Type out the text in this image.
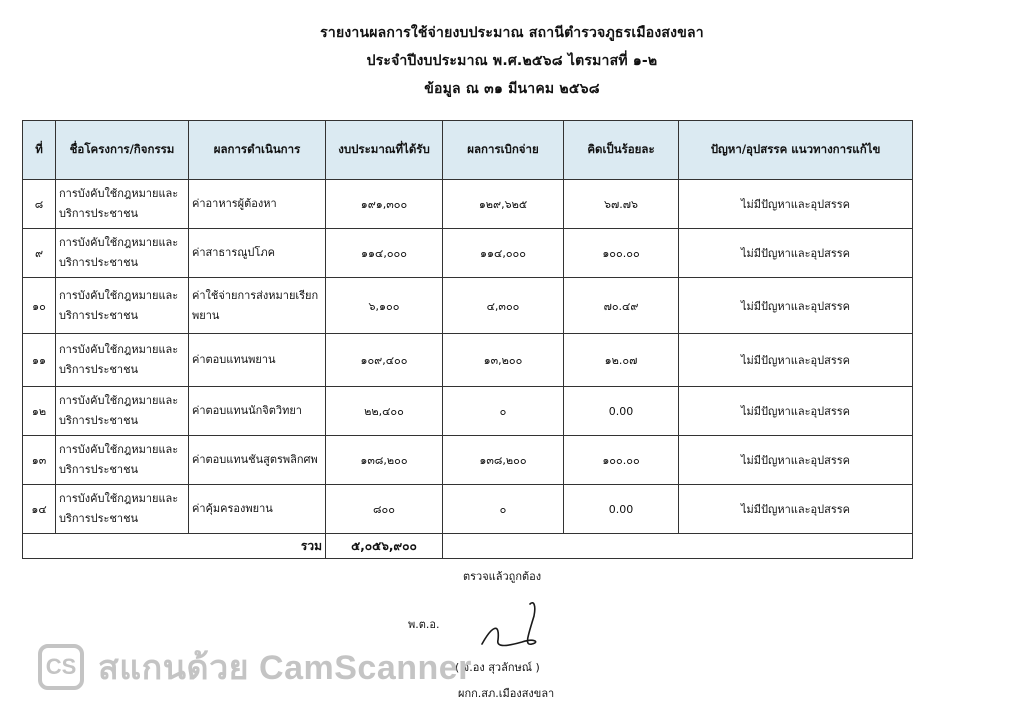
รายงานผลการใช้จ่ายงบประมาณ สถานีตำรวจภูธรเมืองสงขลา
ประจำปีงบประมาณ พ.ศ.๒๕๖๘ ไตรมาสที่ ๑-๒
ข้อมูล ณ ๓๑ มีนาคม ๒๕๖๘
ที่	ชื่อโครงการ/กิจกรรม	ผลการดำเนินการ	งบประมาณที่ได้รับ	ผลการเบิกจ่าย	คิดเป็นร้อยละ	ปัญหา/อุปสรรค แนวทางการแก้ไข
๘	การบังคับใช้กฎหมายและบริการประชาชน	ค่าอาหารผู้ต้องหา	๑๙๑,๓๐๐	๑๒๙,๖๒๕	๖๗.๗๖	ไม่มีปัญหาและอุปสรรค
๙	การบังคับใช้กฎหมายและบริการประชาชน	ค่าสาธารณูปโภค	๑๑๔,๐๐๐	๑๑๔,๐๐๐	๑๐๐.๐๐	ไม่มีปัญหาและอุปสรรค
๑๐	การบังคับใช้กฎหมายและบริการประชาชน	ค่าใช้จ่ายการส่งหมายเรียกพยาน	๖,๑๐๐	๔,๓๐๐	๗๐.๔๙	ไม่มีปัญหาและอุปสรรค
๑๑	การบังคับใช้กฎหมายและบริการประชาชน	ค่าตอบแทนพยาน	๑๐๙,๔๐๐	๑๓,๒๐๐	๑๒.๐๗	ไม่มีปัญหาและอุปสรรค
๑๒	การบังคับใช้กฎหมายและบริการประชาชน	ค่าตอบแทนนักจิตวิทยา	๒๒,๔๐๐	๐	0.00	ไม่มีปัญหาและอุปสรรค
๑๓	การบังคับใช้กฎหมายและบริการประชาชน	ค่าตอบแทนชันสูตรพลิกศพ	๑๓๘,๒๐๐	๑๓๘,๒๐๐	๑๐๐.๐๐	ไม่มีปัญหาและอุปสรรค
๑๔	การบังคับใช้กฎหมายและบริการประชาชน	ค่าคุ้มครองพยาน	๘๐๐	๐	0.00	ไม่มีปัญหาและอุปสรรค
รวม			๕,๐๕๖,๙๐๐			
ตรวจแล้วถูกต้อง
พ.ต.อ.
( จ.อง สุวลักษณ์ )
ผกก.สภ.เมืองสงขลา
CS สแกนด้วย CamScanner
